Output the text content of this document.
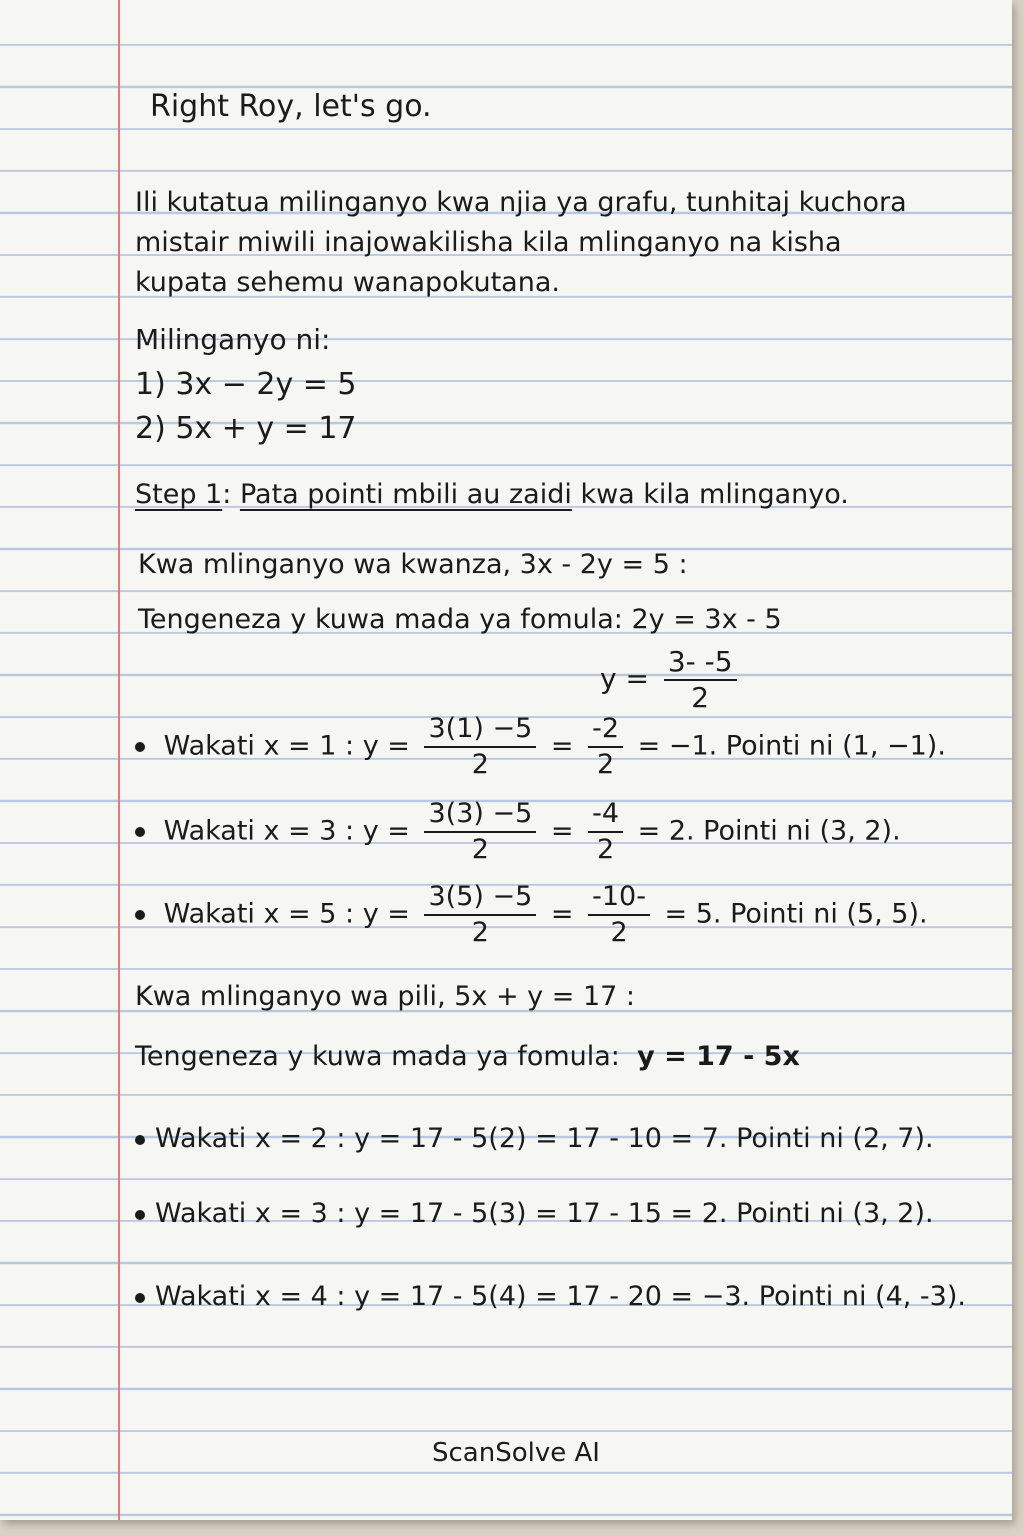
Right Roy, let's go.
Ili kutatua milinganyo kwa njia ya grafu, tunhitaj kuchora mistair miwili inajowakilisha kila mlinganyo na kisha kupata sehemu wanapokutana.
Milinganyo ni:
1) 3x − 2y = 5
2) 5x + y = 17
Step 1: Pata pointi mbili au zaidi kwa kila mlinganyo.
Kwa mlinganyo wa kwanza, 3x - 2y = 5 :
Tengeneza y kuwa mada ya fomula: 2y = 3x - 5
$y = \frac{3- -5}{2}$
Wakati x = 1 : $y = \frac{3(1) -5}{2} = \frac{-2}{2} = -1$. Pointi ni (1, −1).
Wakati x = 3 : $y = \frac{3(3) -5}{2} = \frac{-4}{2} = 2$. Pointi ni (3, 2).
Wakati x = 5 : $y = \frac{3(5) -5}{2} = \frac{-10-}{2} = 5$. Pointi ni (5, 5).
Kwa mlinganyo wa pili, 5x + y = 17 :
Tengeneza y kuwa mada ya fomula: y = 17 - 5x
Wakati x = 2 : y = 17 - 5(2) = 17 - 10 = 7. Pointi ni (2, 7).
Wakati x = 3 : y = 17 - 5(3) = 17 - 15 = 2. Pointi ni (3, 2).
Wakati x = 4 : y = 17 - 5(4) = 17 - 20 = −3. Pointi ni (4, -3).
ScanSolve AI
